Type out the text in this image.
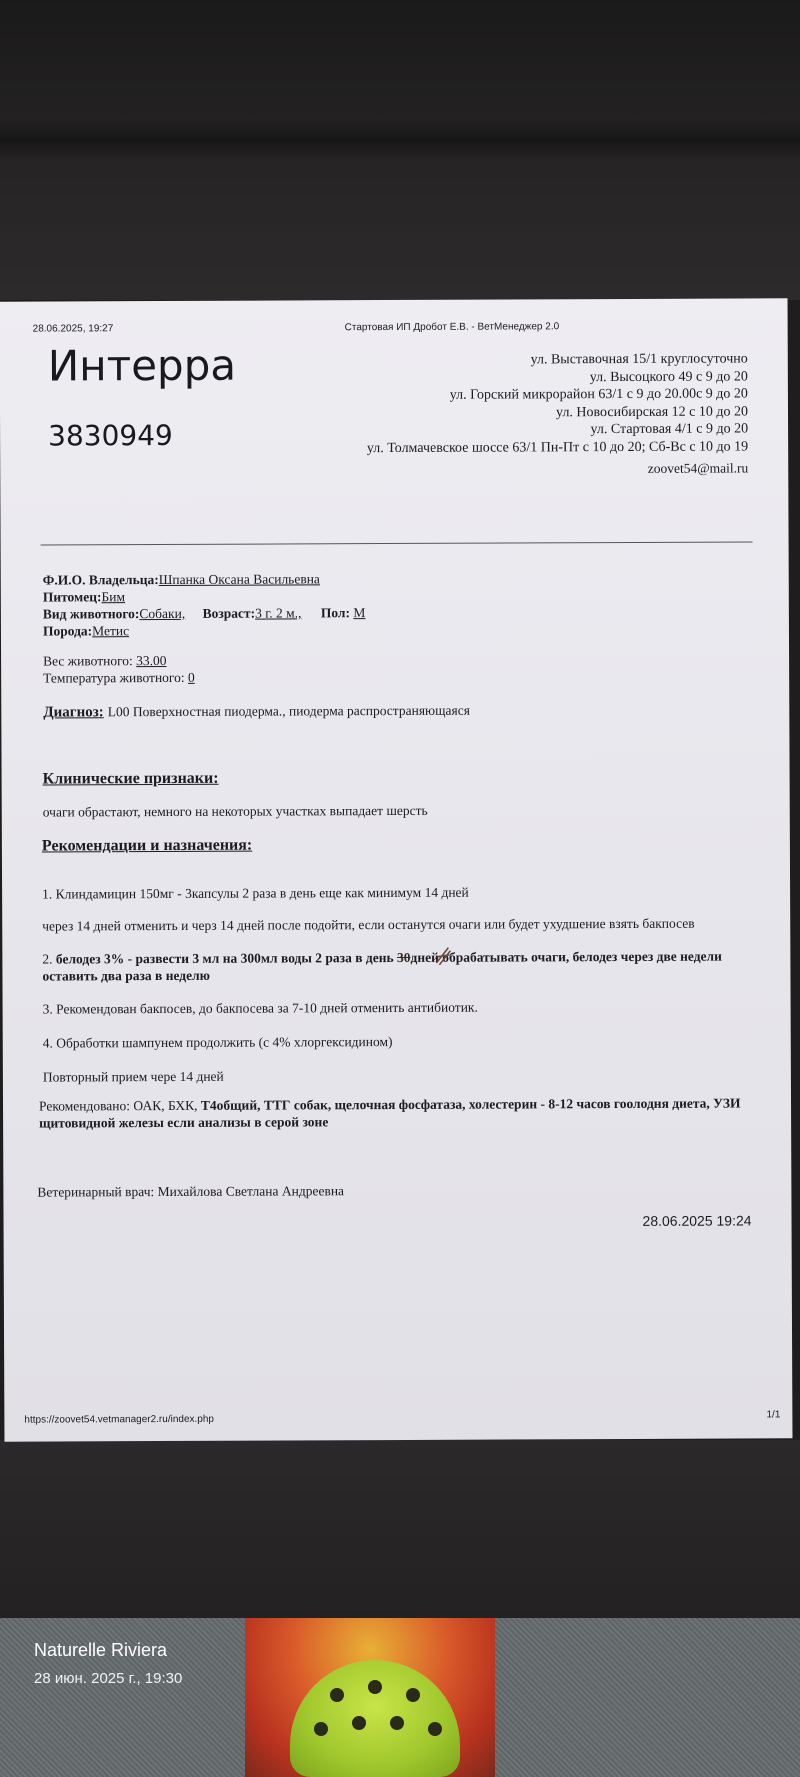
28.06.2025, 19:27	Стартовая ИП Дробот Е.В. - ВетМенеджер 2.0
Интерра
3830949
ул. Выставочная 15/1 круглосуточно
ул. Высоцкого 49 с 9 до 20
ул. Горский микрорайон 63/1 с 9 до 20.00с 9 до 20
ул. Новосибирская 12 с 10 до 20
ул. Стартовая 4/1 с 9 до 20
ул. Толмачевское шоссе 63/1 Пн-Пт с 10 до 20; Сб-Вс с 10 до 19
zoovet54@mail.ru
Ф.И.О. Владельца:Шпанка Оксана Васильевна
Питомец:Бим
Вид животного:Собаки, Возраст:3 г. 2 м., Пол: М
Порода:Метис
Вес животного: 33.00
Температура животного: 0
Диагноз: L00 Поверхностная пиодерма., пиодерма распространяющаяся
Клинические признаки:
очаги обрастают, немного на некоторых участках выпадает шерсть
Рекомендации и назначения:
1. Клиндамицин 150мг - 3капсулы 2 раза в день еще как минимум 14 дней
через 14 дней отменить и черз 14 дней после подойти, если останутся очаги или будет ухудшение взять бакпосев
2. белодез 3% - развести 3 мл на 300мл воды 2 раза в день 30дней обрабатывать очаги, белодез через две недели оставить два раза в неделю
3. Рекомендован бакпосев, до бакпосева за 7-10 дней отменить антибиотик.
4. Обработки шампунем продолжить (с 4% хлоргексидином)
Повторный прием чере 14 дней
Рекомендовано: ОАК, БХК, Т4общий, ТТГ собак, щелочная фосфатаза, холестерин - 8-12 часов гоолодня диета, УЗИ щитовидной железы если анализы в серой зоне
Ветеринарный врач: Михайлова Светлана Андреевна
28.06.2025 19:24
https://zoovet54.vetmanager2.ru/index.php	1/1
Naturelle Riviera
28 июн. 2025 г., 19:30
